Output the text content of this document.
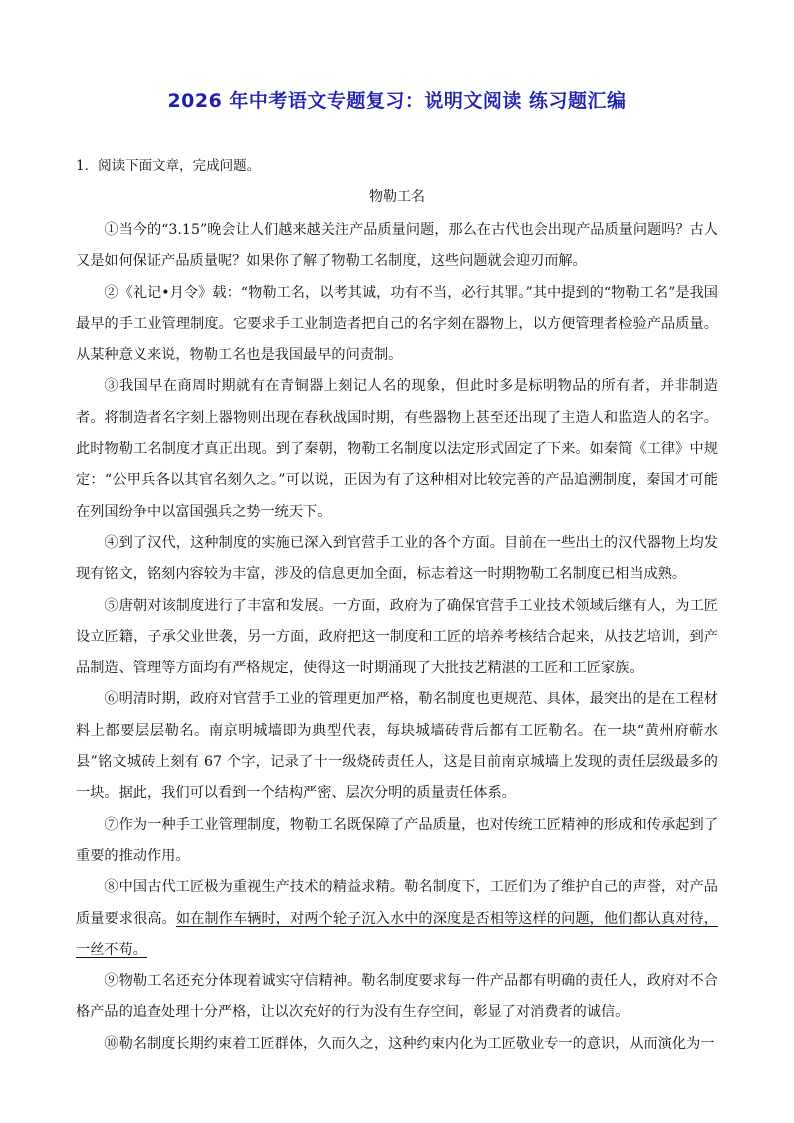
2026 年中考语文专题复习：说明文阅读 练习题汇编
1．阅读下面文章，完成问题。
物勒工名

①当今的“3.15”晚会让人们越来越关注产品质量问题，那么在古代也会出现产品质量问题吗？古人又是如何保证产品质量呢？如果你了解了物勒工名制度，这些问题就会迎刃而解。

②《礼记•月令》载：“物勒工名，以考其诚，功有不当，必行其罪。”其中提到的“物勒工名”是我国最早的手工业管理制度。它要求手工业制造者把自己的名字刻在器物上，以方便管理者检验产品质量。从某种意义来说，物勒工名也是我国最早的问责制。

③我国早在商周时期就有在青铜器上刻记人名的现象，但此时多是标明物品的所有者，并非制造者。将制造者名字刻上器物则出现在春秋战国时期，有些器物上甚至还出现了主造人和监造人的名字。此时物勒工名制度才真正出现。到了秦朝，物勒工名制度以法定形式固定了下来。如秦简《工律》中规定：“公甲兵各以其官名刻久之。”可以说，正因为有了这种相对比较完善的产品追溯制度，秦国才可能在列国纷争中以富国强兵之势一统天下。

④到了汉代，这种制度的实施已深入到官营手工业的各个方面。目前在一些出土的汉代器物上均发现有铭文，铭刻内容较为丰富，涉及的信息更加全面，标志着这一时期物勒工名制度已相当成熟。

⑤唐朝对该制度进行了丰富和发展。一方面，政府为了确保官营手工业技术领域后继有人，为工匠设立匠籍，子承父业世袭，另一方面，政府把这一制度和工匠的培养考核结合起来，从技艺培训，到产品制造、管理等方面均有严格规定，使得这一时期涌现了大批技艺精湛的工匠和工匠家族。

⑥明清时期，政府对官营手工业的管理更加严格，勒名制度也更规范、具体，最突出的是在工程材料上都要层层勒名。南京明城墙即为典型代表，每块城墙砖背后都有工匠勒名。在一块“黄州府蕲水县”铭文城砖上刻有 67 个字，记录了十一级烧砖责任人，这是目前南京城墙上发现的责任层级最多的一块。据此，我们可以看到一个结构严密、层次分明的质量责任体系。

⑦作为一种手工业管理制度，物勒工名既保障了产品质量，也对传统工匠精神的形成和传承起到了重要的推动作用。

⑧中国古代工匠极为重视生产技术的精益求精。勒名制度下，工匠们为了维护自己的声誉，对产品质量要求很高。如在制作车辆时，对两个轮子沉入水中的深度是否相等这样的问题，他们都认真对待，一丝不苟。

⑨物勒工名还充分体现着诚实守信精神。勒名制度要求每一件产品都有明确的责任人，政府对不合格产品的追查处理十分严格，让以次充好的行为没有生存空间，彰显了对消费者的诚信。

⑩勒名制度长期约束着工匠群体，久而久之，这种约束内化为工匠敬业专一的意识，从而演化为一
